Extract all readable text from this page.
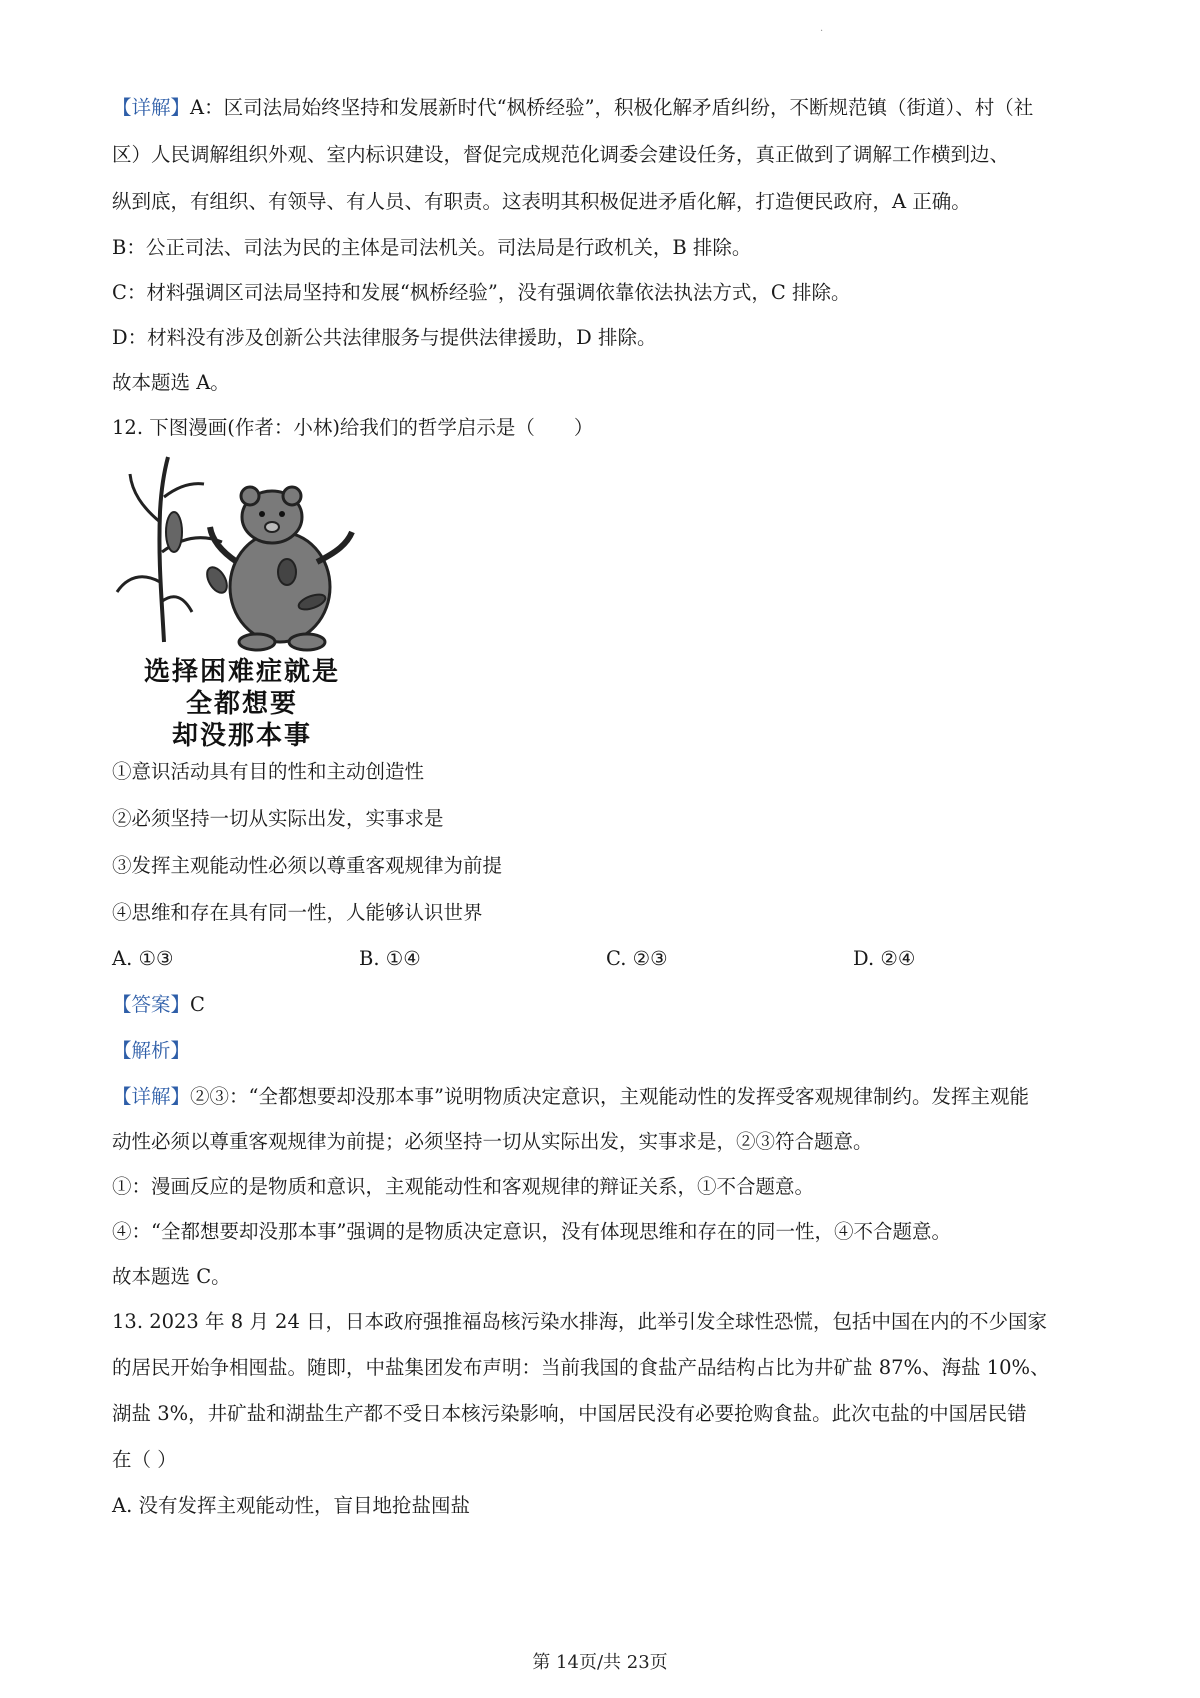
·

【详解】A：区司法局始终坚持和发展新时代“枫桥经验”，积极化解矛盾纠纷，不断规范镇（街道）、村（社

区）人民调解组织外观、室内标识建设，督促完成规范化调委会建设任务，真正做到了调解工作横到边、

纵到底，有组织、有领导、有人员、有职责。这表明其积极促进矛盾化解，打造便民政府，A 正确。

B：公正司法、司法为民的主体是司法机关。司法局是行政机关，B 排除。

C：材料强调区司法局坚持和发展“枫桥经验”，没有强调依靠依法执法方式，C 排除。

D：材料没有涉及创新公共法律服务与提供法律援助，D 排除。

故本题选 A。

12. 下图漫画(作者：小林)给我们的哲学启示是（　　）

选择困难症就是
全都想要
却没那本事

①意识活动具有目的性和主动创造性

②必须坚持一切从实际出发，实事求是

③发挥主观能动性必须以尊重客观规律为前提

④思维和存在具有同一性，人能够认识世界

A. ①③	B. ①④	C. ②③	D. ②④

【答案】C

【解析】

【详解】②③：“全都想要却没那本事”说明物质决定意识，主观能动性的发挥受客观规律制约。发挥主观能

动性必须以尊重客观规律为前提；必须坚持一切从实际出发，实事求是，②③符合题意。

①：漫画反应的是物质和意识，主观能动性和客观规律的辩证关系，①不合题意。

④：“全都想要却没那本事”强调的是物质决定意识，没有体现思维和存在的同一性，④不合题意。

故本题选 C。

13. 2023 年 8 月 24 日，日本政府强推福岛核污染水排海，此举引发全球性恐慌，包括中国在内的不少国家

的居民开始争相囤盐。随即，中盐集团发布声明：当前我国的食盐产品结构占比为井矿盐 87%、海盐 10%、

湖盐 3%，井矿盐和湖盐生产都不受日本核污染影响，中国居民没有必要抢购食盐。此次屯盐的中国居民错

在（ ）

A. 没有发挥主观能动性，盲目地抢盐囤盐

第 14页/共 23页
